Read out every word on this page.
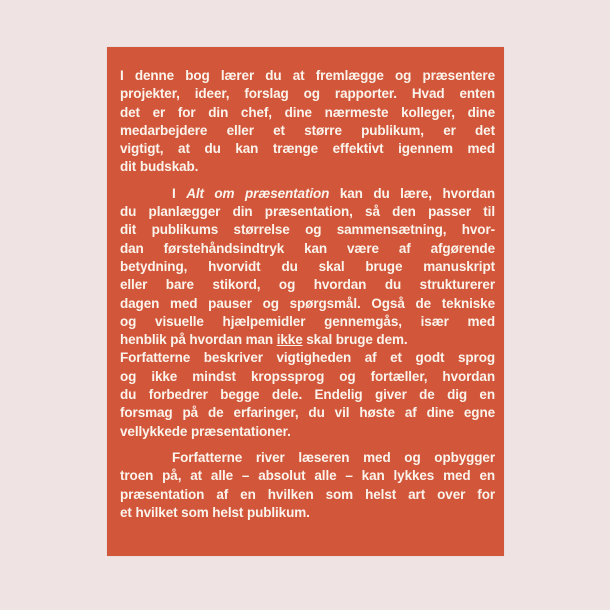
I denne bog lærer du at fremlægge og præsentere
projekter, ideer, forslag og rapporter. Hvad enten
det er for din chef, dine nærmeste kolleger, dine
medarbejdere eller et større publikum, er det
vigtigt, at du kan trænge effektivt igennem med
dit budskab.
I Alt om præsentation kan du lære, hvordan
du planlægger din præsentation, så den passer til
dit publikums størrelse og sammensætning, hvor-
dan førstehåndsindtryk kan være af afgørende
betydning, hvorvidt du skal bruge manuskript
eller bare stikord, og hvordan du strukturerer
dagen med pauser og spørgsmål. Også de tekniske
og visuelle hjælpemidler gennemgås, især med
henblik på hvordan man ikke skal bruge dem.
Forfatterne beskriver vigtigheden af et godt sprog
og ikke mindst kropssprog og fortæller, hvordan
du forbedrer begge dele. Endelig giver de dig en
forsmag på de erfaringer, du vil høste af dine egne
vellykkede præsentationer.
Forfatterne river læseren med og opbygger
troen på, at alle – absolut alle – kan lykkes med en
præsentation af en hvilken som helst art over for
et hvilket som helst publikum.
